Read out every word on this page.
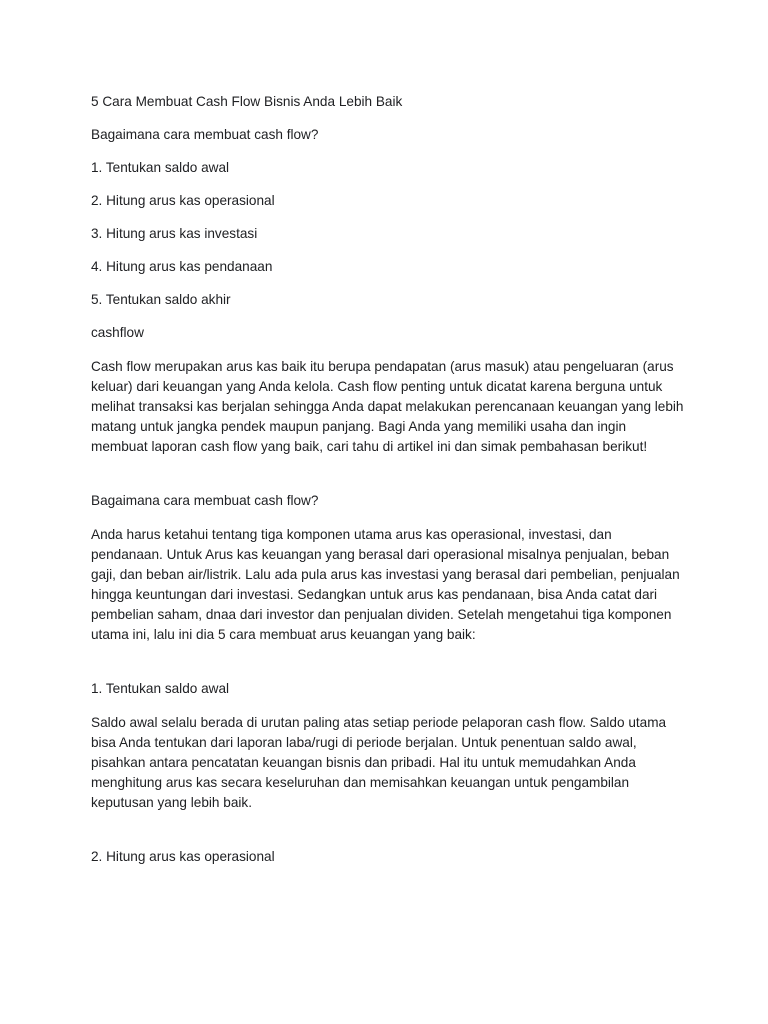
5 Cara Membuat Cash Flow Bisnis Anda Lebih Baik

Bagaimana cara membuat cash flow?

1. Tentukan saldo awal

2. Hitung arus kas operasional

3. Hitung arus kas investasi

4. Hitung arus kas pendanaan

5. Tentukan saldo akhir

cashflow

Cash flow merupakan arus kas baik itu berupa pendapatan (arus masuk) atau pengeluaran (arus keluar) dari keuangan yang Anda kelola. Cash flow penting untuk dicatat karena berguna untuk melihat transaksi kas berjalan sehingga Anda dapat melakukan perencanaan keuangan yang lebih matang untuk jangka pendek maupun panjang. Bagi Anda yang memiliki usaha dan ingin membuat laporan cash flow yang baik, cari tahu di artikel ini dan simak pembahasan berikut!

Bagaimana cara membuat cash flow?

Anda harus ketahui tentang tiga komponen utama arus kas operasional, investasi, dan pendanaan. Untuk Arus kas keuangan yang berasal dari operasional misalnya penjualan, beban gaji, dan beban air/listrik. Lalu ada pula arus kas investasi yang berasal dari pembelian, penjualan hingga keuntungan dari investasi. Sedangkan untuk arus kas pendanaan, bisa Anda catat dari pembelian saham, dnaa dari investor dan penjualan dividen. Setelah mengetahui tiga komponen utama ini, lalu ini dia 5 cara membuat arus keuangan yang baik:

1. Tentukan saldo awal

Saldo awal selalu berada di urutan paling atas setiap periode pelaporan cash flow. Saldo utama bisa Anda tentukan dari laporan laba/rugi di periode berjalan. Untuk penentuan saldo awal, pisahkan antara pencatatan keuangan bisnis dan pribadi. Hal itu untuk memudahkan Anda menghitung arus kas secara keseluruhan dan memisahkan keuangan untuk pengambilan keputusan yang lebih baik.

2. Hitung arus kas operasional
